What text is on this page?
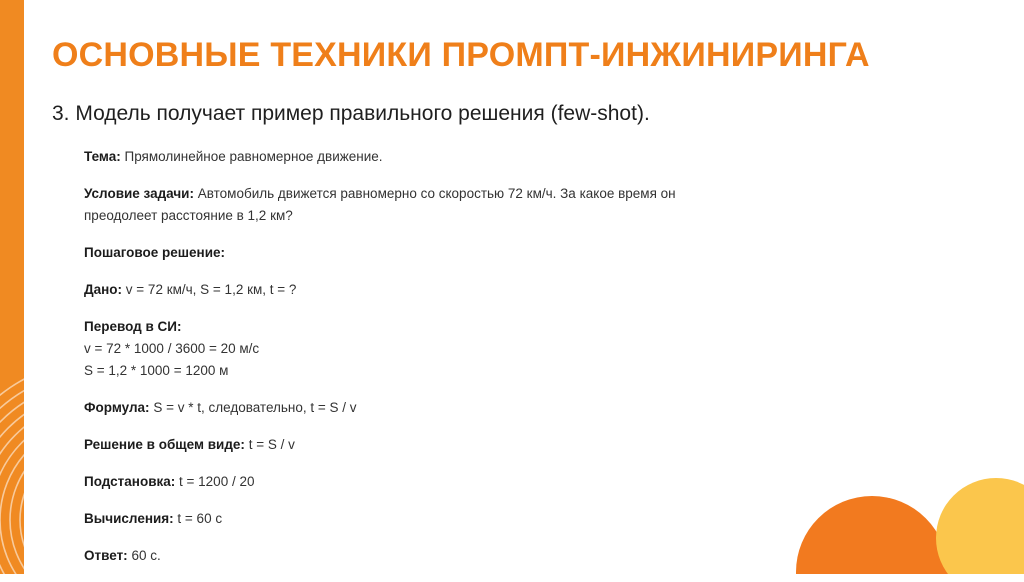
ОСНОВНЫЕ ТЕХНИКИ ПРОМПТ-ИНЖИНИРИНГА
3. Модель получает пример правильного решения (few-shot).

Тема: Прямолинейное равномерное движение.

Условие задачи: Автомобиль движется равномерно со скоростью 72 км/ч. За какое время он
преодолеет расстояние в 1,2 км?

Пошаговое решение:

Дано: v = 72 км/ч, S = 1,2 км, t = ?

Перевод в СИ:
v = 72 * 1000 / 3600 = 20 м/с
S = 1,2 * 1000 = 1200 м

Формула: S = v * t, следовательно, t = S / v

Решение в общем виде: t = S / v

Подстановка: t = 1200 / 20

Вычисления: t = 60 с

Ответ: 60 с.
